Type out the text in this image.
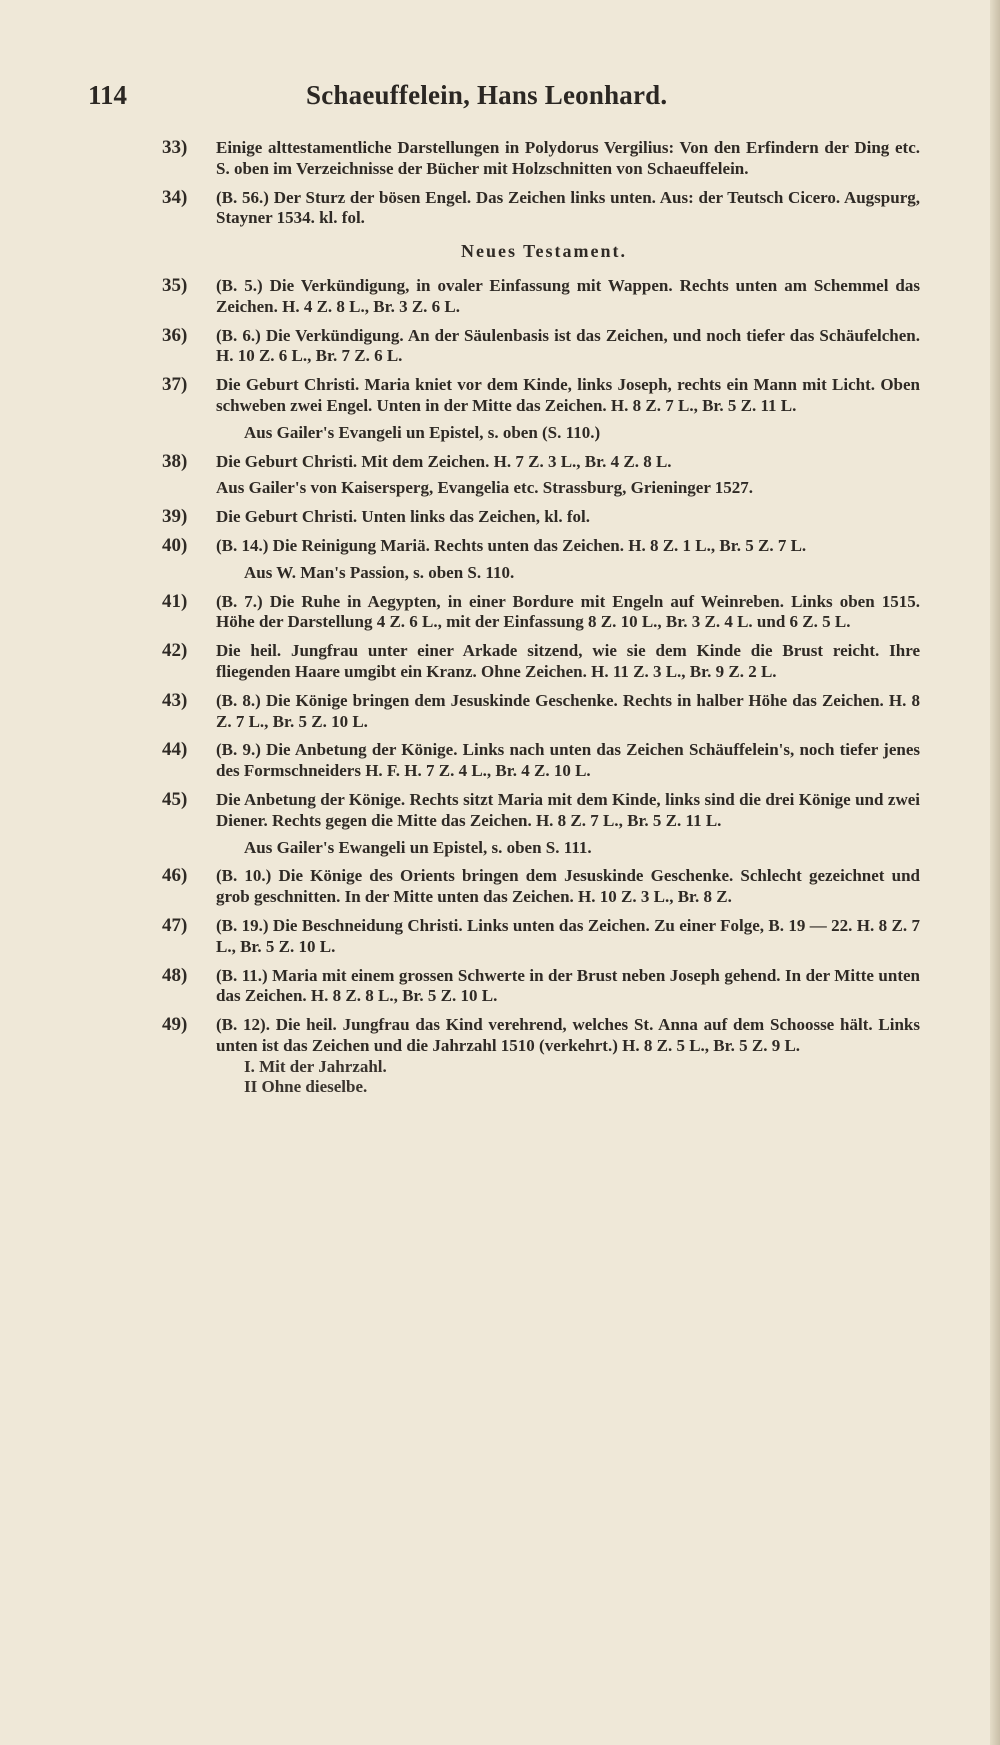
114	Schaeuffelein, Hans Leonhard.
33) Einige alttestamentliche Darstellungen in Polydorus Vergilius: Von den Erfindern der Ding etc. S. oben im Verzeichnisse der Bücher mit Holzschnitten von Schaeuffelein.
34) (B. 56.) Der Sturz der bösen Engel. Das Zeichen links unten. Aus: der Teutsch Cicero. Augspurg, Stayner 1534. kl. fol.
Neues Testament.
35) (B. 5.) Die Verkündigung, in ovaler Einfassung mit Wappen. Rechts unten am Schemmel das Zeichen. H. 4 Z. 8 L., Br. 3 Z. 6 L.
36) (B. 6.) Die Verkündigung. An der Säulenbasis ist das Zeichen, und noch tiefer das Schäufelchen. H. 10 Z. 6 L., Br. 7 Z. 6 L.
37) Die Geburt Christi. Maria kniet vor dem Kinde, links Joseph, rechts ein Mann mit Licht. Oben schweben zwei Engel. Unten in der Mitte das Zeichen. H. 8 Z. 7 L., Br. 5 Z. 11 L.
Aus Gailer's Evangeli un Epistel, s. oben (S. 110.)
38) Die Geburt Christi. Mit dem Zeichen. H. 7 Z. 3 L., Br. 4 Z. 8 L.
Aus Gailer's von Kaisersperg, Evangelia etc. Strassburg, Grieninger 1527.
39) Die Geburt Christi. Unten links das Zeichen, kl. fol.
40) (B. 14.) Die Reinigung Mariä. Rechts unten das Zeichen. H. 8 Z. 1 L., Br. 5 Z. 7 L.
Aus W. Man's Passion, s. oben S. 110.
41) (B. 7.) Die Ruhe in Aegypten, in einer Bordure mit Engeln auf Weinreben. Links oben 1515. Höhe der Darstellung 4 Z. 6 L., mit der Einfassung 8 Z. 10 L., Br. 3 Z. 4 L. und 6 Z. 5 L.
42) Die heil. Jungfrau unter einer Arkade sitzend, wie sie dem Kinde die Brust reicht. Ihre fliegenden Haare umgibt ein Kranz. Ohne Zeichen. H. 11 Z. 3 L., Br. 9 Z. 2 L.
43) (B. 8.) Die Könige bringen dem Jesuskinde Geschenke. Rechts in halber Höhe das Zeichen. H. 8 Z. 7 L., Br. 5 Z. 10 L.
44) (B. 9.) Die Anbetung der Könige. Links nach unten das Zeichen Schäuffelein's, noch tiefer jenes des Formschneiders H. F. H. 7 Z. 4 L., Br. 4 Z. 10 L.
45) Die Anbetung der Könige. Rechts sitzt Maria mit dem Kinde, links sind die drei Könige und zwei Diener. Rechts gegen die Mitte das Zeichen. H. 8 Z. 7 L., Br. 5 Z. 11 L.
Aus Gailer's Ewangeli un Epistel, s. oben S. 111.
46) (B. 10.) Die Könige des Orients bringen dem Jesuskinde Geschenke. Schlecht gezeichnet und grob geschnitten. In der Mitte unten das Zeichen. H. 10 Z. 3 L., Br. 8 Z.
47) (B. 19.) Die Beschneidung Christi. Links unten das Zeichen. Zu einer Folge, B. 19 — 22. H. 8 Z. 7 L., Br. 5 Z. 10 L.
48) (B. 11.) Maria mit einem grossen Schwerte in der Brust neben Joseph gehend. In der Mitte unten das Zeichen. H. 8 Z. 8 L., Br. 5 Z. 10 L.
49) (B. 12). Die heil. Jungfrau das Kind verehrend, welches St. Anna auf dem Schoosse hält. Links unten ist das Zeichen und die Jahrzahl 1510 (verkehrt.) H. 8 Z. 5 L., Br. 5 Z. 9 L.
I. Mit der Jahrzahl.
II Ohne dieselbe.
